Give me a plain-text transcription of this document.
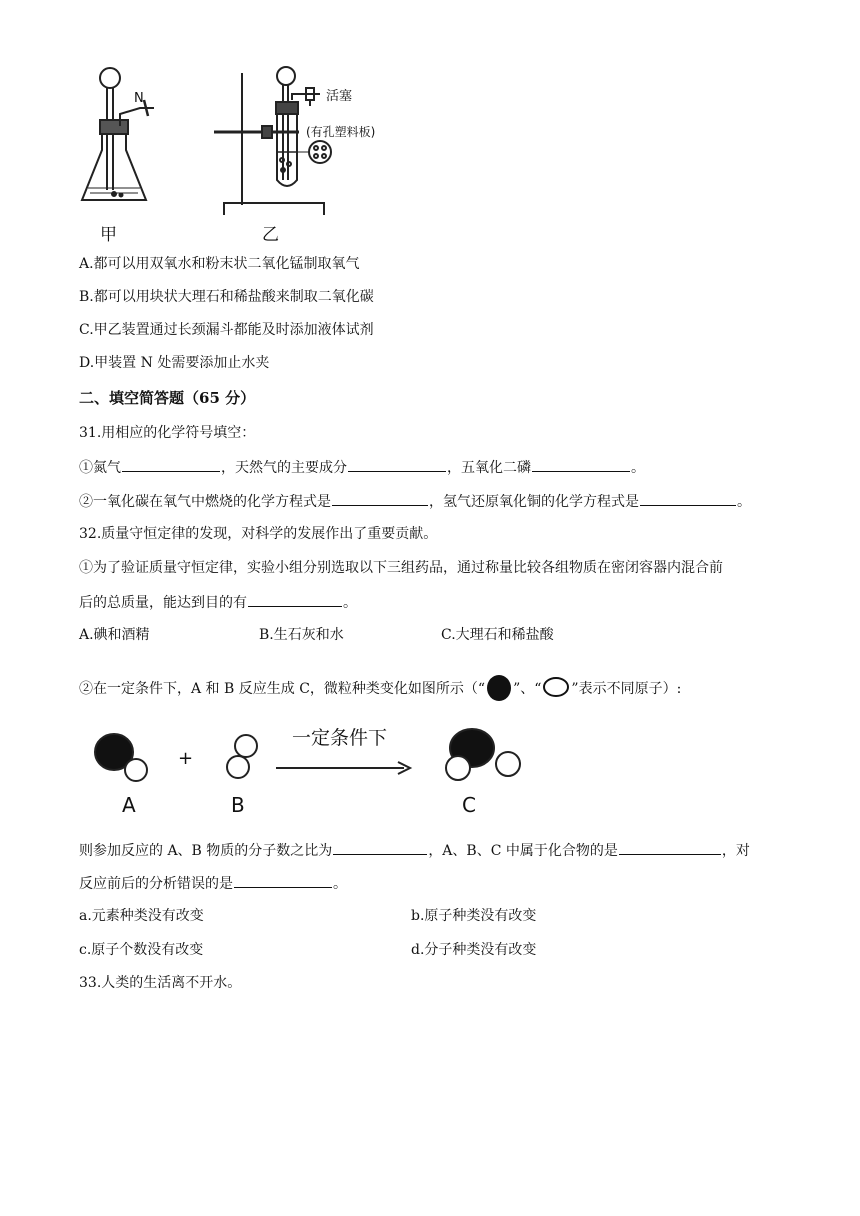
N	活塞
(有孔塑料板)
甲	乙
A.都可以用双氧水和粉末状二氧化锰制取氧气
B.都可以用块状大理石和稀盐酸来制取二氧化碳
C.甲乙装置通过长颈漏斗都能及时添加液体试剂
D.甲装置 N 处需要添加止水夹
二、填空简答题（65 分）
31.用相应的化学符号填空：
①氮气	，天然气的主要成分	，五氧化二磷	。
②一氧化碳在氧气中燃烧的化学方程式是	，氢气还原氧化铜的化学方程式是	。
32.质量守恒定律的发现，对科学的发展作出了重要贡献。
①为了验证质量守恒定律，实验小组分别选取以下三组药品，通过称量比较各组物质在密闭容器内混合前
后的总质量，能达到目的有	。
A.碘和酒精	B.生石灰和水	C.大理石和稀盐酸
②在一定条件下，A 和 B 反应生成 C，微粒种类变化如图所示（“ ”、“ ”表示不同原子）:
+
一定条件下
A	B	C
则参加反应的 A、B 物质的分子数之比为	，A、B、C 中属于化合物的是	，对
反应前后的分析错误的是	。
a.元素种类没有改变	b.原子种类没有改变
c.原子个数没有改变	d.分子种类没有改变
33.人类的生活离不开水。
